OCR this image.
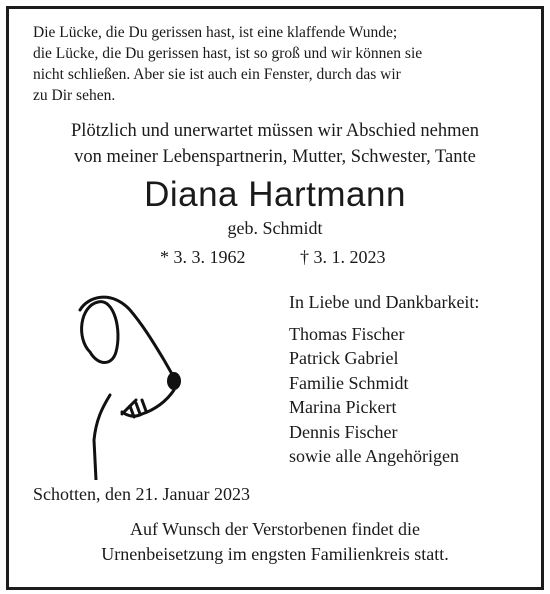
Die Lücke, die Du gerissen hast, ist eine klaffende Wunde;
die Lücke, die Du gerissen hast, ist so groß und wir können sie
nicht schließen. Aber sie ist auch ein Fenster, durch das wir
zu Dir sehen.
Plötzlich und unerwartet müssen wir Abschied nehmen
von meiner Lebenspartnerin, Mutter, Schwester, Tante
Diana Hartmann
geb. Schmidt
* 3. 3. 1962	† 3. 1. 2023
In Liebe und Dankbarkeit:
Thomas Fischer
Patrick Gabriel
Familie Schmidt
Marina Pickert
Dennis Fischer
sowie alle Angehörigen
Schotten, den 21. Januar 2023
Auf Wunsch der Verstorbenen findet die
Urnenbeisetzung im engsten Familienkreis statt.
